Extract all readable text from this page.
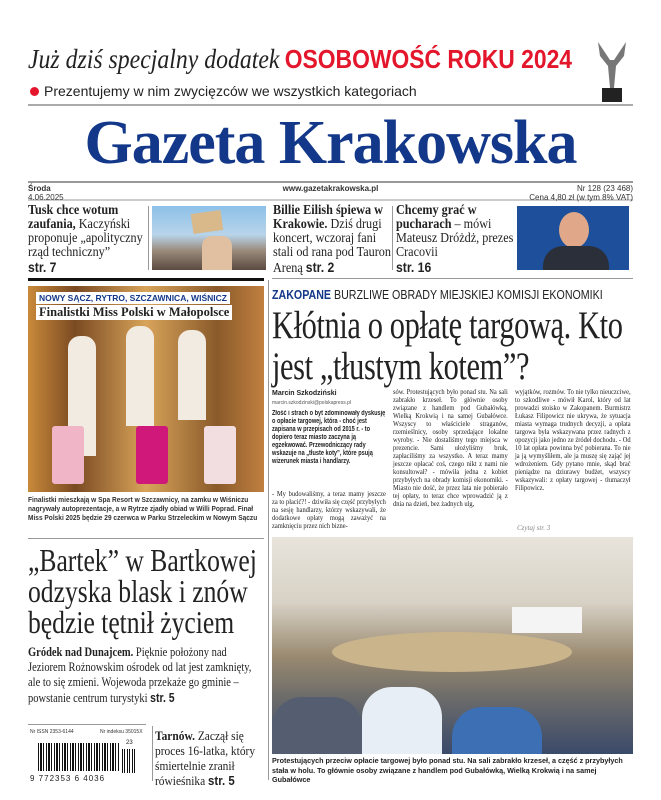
Już dziś specjalny dodatek OSOBOWOŚĆ ROKU 2024
Prezentujemy w nim zwycięzców we wszystkich kategoriach
Gazeta Krakowska
Środa
4.06.2025
www.gazetakrakowska.pl	Nr 128 (23 468)
Cena 4,80 zł (w tym 8% VAT)
Tusk chce wotum zaufania, Kaczyński proponuje „apolityczny rząd techniczny”
str. 7
Billie Eilish śpiewa w Krakowie. Dziś drugi koncert, wczoraj fani stali od rana pod Tauron Areną str. 2
Chcemy grać w pucharach – mówi Mateusz Dróżdż, prezes Cracovii
str. 16
NOWY SĄCZ, RYTRO, SZCZAWNICA, WIŚNICZ
Finalistki Miss Polski w Małopolsce
Finalistki mieszkają w Spa Resort w Szczawnicy, na zamku w Wiśniczu nagrywały autoprezentacje, a w Rytrze zjadły obiad w Willi Poprad. Finał Miss Polski 2025 będzie 29 czerwca w Parku Strzeleckim w Nowym Sączu
„Bartek” w Bartkowej odzyska blask i znów będzie tętnił życiem
Gródek nad Dunajcem. Pięknie położony nad Jeziorem Rożnowskim ośrodek od lat jest zamknięty, ale to się zmieni. Wojewoda przekaże go gminie – powstanie centrum turystyki str. 5
Nr ISSN 2353-6144	Nr indeksu 35015X
23
9 772353 6 4036
Tarnów. Zaczął się proces 16-latka, który śmiertelnie zranił rówieśnika str. 5
ZAKOPANE BURZLIWE OBRADY MIEJSKIEJ KOMISJI EKONOMIKI
Kłótnia o opłatę targową. Kto jest „tłustym kotem”?
Marcin Szkodziński
marcin.szkodzinski@polskapress.pl
Złość i strach o byt zdominowały dyskusję o opłacie targowej, która - choć jest zapisana w przepisach od 2015 r. - to dopiero teraz miasto zaczyna ją egzekwować. Przewodniczący rady wskazuje na „tłuste koty”, które psują wizerunek miasta i handlarzy.
- My budowaliśmy, a teraz mamy jeszcze za to płacić?! - dziwiła się część przybyłych na sesję handlarzy, którzy wskazywali, że dodatkowe opłaty mogą zaważyć na zamknięciu przez nich bizne-
sów. Protestujących było ponad stu. Na sali zabrakło krzeseł. To głównie osoby związane z handlem pod Gubałówką, Wielką Krokwią i na samej Gubałówce. Wszyscy to właściciele straganów, rzemieślnicy, osoby sprzedające lokalne wyroby. - Nie dostaliśmy tego miejsca w prezencie. Sami ułożyliśmy bruk, zapłaciliśmy za wszystko. A teraz mamy jeszcze opłacać coś, czego nikt z nami nie konsultował? - mówiła jedna z kobiet przybyłych na obrady komisji ekonomiki. - Miasto nie dość, że przez lata nie pobierało tej opłaty, to teraz chce wprowadzić ją z dnia na dzień, bez żadnych ulg,
wyjątków, rozmów. To nie tylko nieuczciwe, to szkodliwe - mówił Karol, który od lat prowadzi stoisko w Zakopanem. Burmistrz Łukasz Filipowicz nie ukrywa, że sytuacja miasta wymaga trudnych decyzji, a opłata targowa była wskazywana przez radnych z opozycji jako jedno ze źródeł dochodu. - Od 10 lat opłata powinna być pobierana. To nie ja ją wymyśliłem, ale ja muszę się zająć jej wdrożeniem. Gdy pytano mnie, skąd brać pieniądze na dziurawy budżet, wszyscy wskazywali: z opłaty targowej - tłumaczył Filipowicz.
Czytaj str. 3
Protestujących przeciw opłacie targowej było ponad stu. Na sali zabrakło krzeseł, a część z przybyłych stała w holu. To głównie osoby związane z handlem pod Gubałówką, Wielką Krokwią i na samej Gubałówce
